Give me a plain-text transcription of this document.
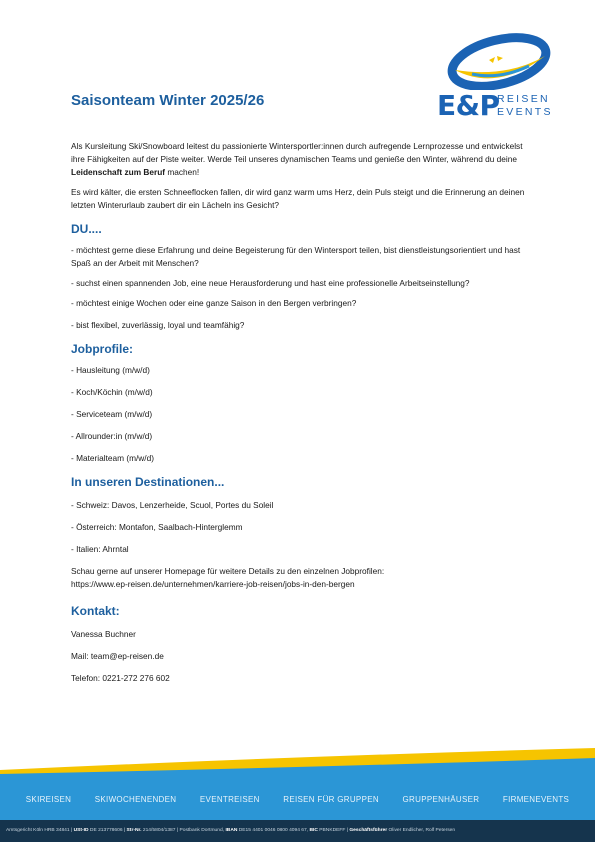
E&P
REISEN
EVENTS
Saisonteam Winter 2025/26

Als Kursleitung Ski/Snowboard leitest du passionierte Wintersportler:innen durch aufregende Lernprozesse und entwickelst ihre Fähigkeiten auf der Piste weiter. Werde Teil unseres dynamischen Teams und genieße den Winter, während du deine Leidenschaft zum Beruf machen!

Es wird kälter, die ersten Schneeflocken fallen, dir wird ganz warm ums Herz, dein Puls steigt und die Erinnerung an deinen letzten Winterurlaub zaubert dir ein Lächeln ins Gesicht?

DU....

- möchtest gerne diese Erfahrung und deine Begeisterung für den Wintersport teilen, bist dienstleistungsorientiert und hast Spaß an der Arbeit mit Menschen?

- suchst einen spannenden Job, eine neue Herausforderung und hast eine professionelle Arbeitseinstellung?

- möchtest einige Wochen oder eine ganze Saison in den Bergen verbringen?

- bist flexibel, zuverlässig, loyal und teamfähig?

Jobprofile:

- Hausleitung (m/w/d)

- Koch/Köchin (m/w/d)

- Serviceteam (m/w/d)

- Allrounder:in (m/w/d)

- Materialteam (m/w/d)

In unseren Destinationen...

- Schweiz: Davos, Lenzerheide, Scuol, Portes du Soleil

- Österreich: Montafon, Saalbach-Hinterglemm

- Italien: Ahrntal

Schau gerne auf unserer Homepage für weitere Details zu den einzelnen Jobprofilen:

https://www.ep-reisen.de/unternehmen/karriere-job-reisen/jobs-in-den-bergen

Kontakt:

Vanessa Buchner

Mail: team@ep-reisen.de

Telefon: 0221-272 276 602

SKIREISEN	SKIWOCHENENDEN	EVENTREISEN	REISEN FÜR GRUPPEN	GRUPPENHÄUSER	FIRMENEVENTS
Amtsgericht Köln HRB 34841 | USt-ID DE 213778606 | Str-Nr. 214/5804/1387 | Postbank Dortmund, IBAN DE15 4401 0046 0800 4094 67, BIC PBNKDEFF | Geschäftsführer Oliver Endlicher, Rolf Petersen
